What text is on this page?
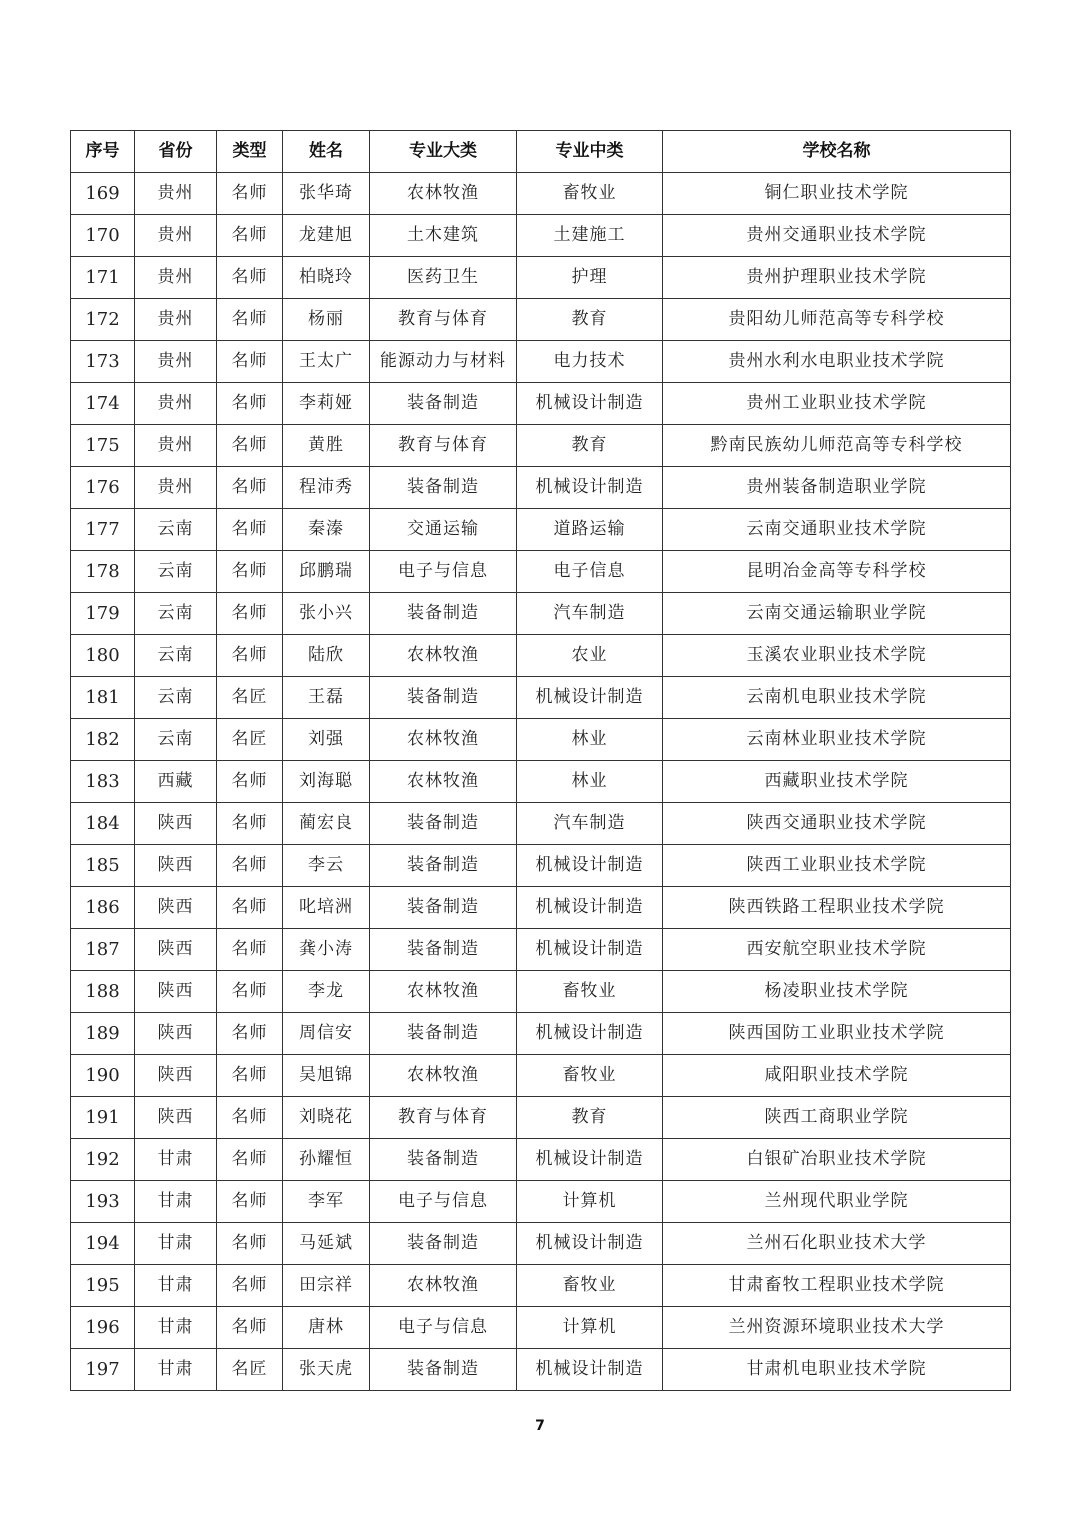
序号	省份	类型	姓名	专业大类	专业中类	学校名称
169	贵州	名师	张华琦	农林牧渔	畜牧业	铜仁职业技术学院
170	贵州	名师	龙建旭	土木建筑	土建施工	贵州交通职业技术学院
171	贵州	名师	柏晓玲	医药卫生	护理	贵州护理职业技术学院
172	贵州	名师	杨丽	教育与体育	教育	贵阳幼儿师范高等专科学校
173	贵州	名师	王太广	能源动力与材料	电力技术	贵州水利水电职业技术学院
174	贵州	名师	李莉娅	装备制造	机械设计制造	贵州工业职业技术学院
175	贵州	名师	黄胜	教育与体育	教育	黔南民族幼儿师范高等专科学校
176	贵州	名师	程沛秀	装备制造	机械设计制造	贵州装备制造职业学院
177	云南	名师	秦溱	交通运输	道路运输	云南交通职业技术学院
178	云南	名师	邱鹏瑞	电子与信息	电子信息	昆明冶金高等专科学校
179	云南	名师	张小兴	装备制造	汽车制造	云南交通运输职业学院
180	云南	名师	陆欣	农林牧渔	农业	玉溪农业职业技术学院
181	云南	名匠	王磊	装备制造	机械设计制造	云南机电职业技术学院
182	云南	名匠	刘强	农林牧渔	林业	云南林业职业技术学院
183	西藏	名师	刘海聪	农林牧渔	林业	西藏职业技术学院
184	陕西	名师	蔺宏良	装备制造	汽车制造	陕西交通职业技术学院
185	陕西	名师	李云	装备制造	机械设计制造	陕西工业职业技术学院
186	陕西	名师	叱培洲	装备制造	机械设计制造	陕西铁路工程职业技术学院
187	陕西	名师	龚小涛	装备制造	机械设计制造	西安航空职业技术学院
188	陕西	名师	李龙	农林牧渔	畜牧业	杨凌职业技术学院
189	陕西	名师	周信安	装备制造	机械设计制造	陕西国防工业职业技术学院
190	陕西	名师	吴旭锦	农林牧渔	畜牧业	咸阳职业技术学院
191	陕西	名师	刘晓花	教育与体育	教育	陕西工商职业学院
192	甘肃	名师	孙耀恒	装备制造	机械设计制造	白银矿冶职业技术学院
193	甘肃	名师	李军	电子与信息	计算机	兰州现代职业学院
194	甘肃	名师	马延斌	装备制造	机械设计制造	兰州石化职业技术大学
195	甘肃	名师	田宗祥	农林牧渔	畜牧业	甘肃畜牧工程职业技术学院
196	甘肃	名师	唐林	电子与信息	计算机	兰州资源环境职业技术大学
197	甘肃	名匠	张天虎	装备制造	机械设计制造	甘肃机电职业技术学院
7
